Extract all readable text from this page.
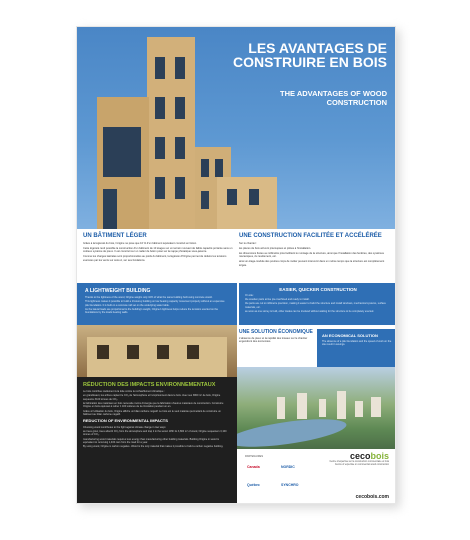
LES AVANTAGES DE CONSTRUIRE EN BOIS
THE ADVANTAGES OF WOOD CONSTRUCTION
UN BÂTIMENT LÉGER

Grâce à la légèreté du bois, l'origine ne pèse que 10 % d'un bâtiment équivalent construit en béton.

Cette légèreté rend possible la construction d'un bâtiment de 13 étages sur un terrain mouvant de faible capacité portante sans un coûteux système de pieux. Il est construit sur un radier de béton posé sur la nappe phréatique sous-jacente.

Comme les charges latérales sont proportionnelles au poids du bâtiment, la légèreté d'Origine permet de réduire les tensions exercées par les vents sur celui-ci, sur ses fondations.

A LIGHTWEIGHT BUILDING

Thanks to the lightness of the wood, Origine weighs only 10% of what the same building built using concrete would.

This lightness makes it possible to build a 13-storey building on low bearing capacity movement property without an expensive pile foundation. It is built on a concrete raft set on the underlying water table.

As the lateral loads are proportional to the building's weight, Origine's lightness helps reduce the tensions exerted on the foundations by the loads bearing walls.

RÉDUCTION DES IMPACTS ENVIRONNEMENTAUX

Le bois contribue réellement à la lutte contre le réchauffement climatique :

en grandissant, les arbres captent le CO₂ de l'atmosphère et l'emprisonnent dans le bois. Avec ses 3800 m³ de bois, Origine séquestre 3100 tonnes de CO₂.

la fabrication des matériaux en bois nécessite moins d'énergie que la fabrication d'autres matériaux de construction. Construire Origine en bois équivaut à retirer 1 400 voitures de la circulation pendant un an.

Grâce à l'utilisation du bois, Origine affiche un bilan carbone négatif. Le bois est le seul matériau permettant de construire un bâtiment au bilan carbone négatif.

REDUCTION OF ENVIRONMENTAL IMPACTS

Choosing wood contributes to the fight against climate change in two ways:

as trees grow, trees absorb CO₂ from the atmosphere and trap it in the wood. With its 3,800 m³ of wood, Origine sequesters 3,100 tonnes of CO₂.

manufacturing wood materials requires less energy than manufacturing other building materials. Building Origine in wood is equivalent to removing 1,400 cars from the road for a year.

By using wood, Origine is carbon negative. Wood is the only material that makes it possible to build a carbon negative building.

UNE CONSTRUCTION FACILITÉE ET ACCÉLÉRÉE

Sur le chantier :

les pièces de bois arrivent précoupées et prêtes à l'installation.

les dimensions fixées au millimètre près facilitent le montage de la structure, ainsi que l'installation des fenêtres, des systèmes mécaniques, du revêtement, etc.

ainsi un étage-module des poutres corps de métier peuvent intervenir dans un même temps que la structure est complètement érigée.

EASIER, QUICKER CONSTRUCTION

On site:

the wooden parts arrive pre-machined and ready to install.

the parts are cut to millimetre precision, making it easier to build the structure and install windows, mechanical systems, surface materials, etc.

as soon as one storey is built, other trades can be involved without waiting for the structure to be completely erected.

UNE SOLUTION ÉCONOMIQUE

L'absence de pieux et la rapidité des travaux sur le chantier engendrent des économies.

AN ECONOMICAL SOLUTION

The absence of a pile foundation and the speed of work on the site result in savings.

PARTENAIRES
Canada	NORDIC
Québec	SYNCHRO
cecobois
Centre d'expertise sur la construction commerciale en bois
Centre of expertise on commercial wood construction
cecobois.com
